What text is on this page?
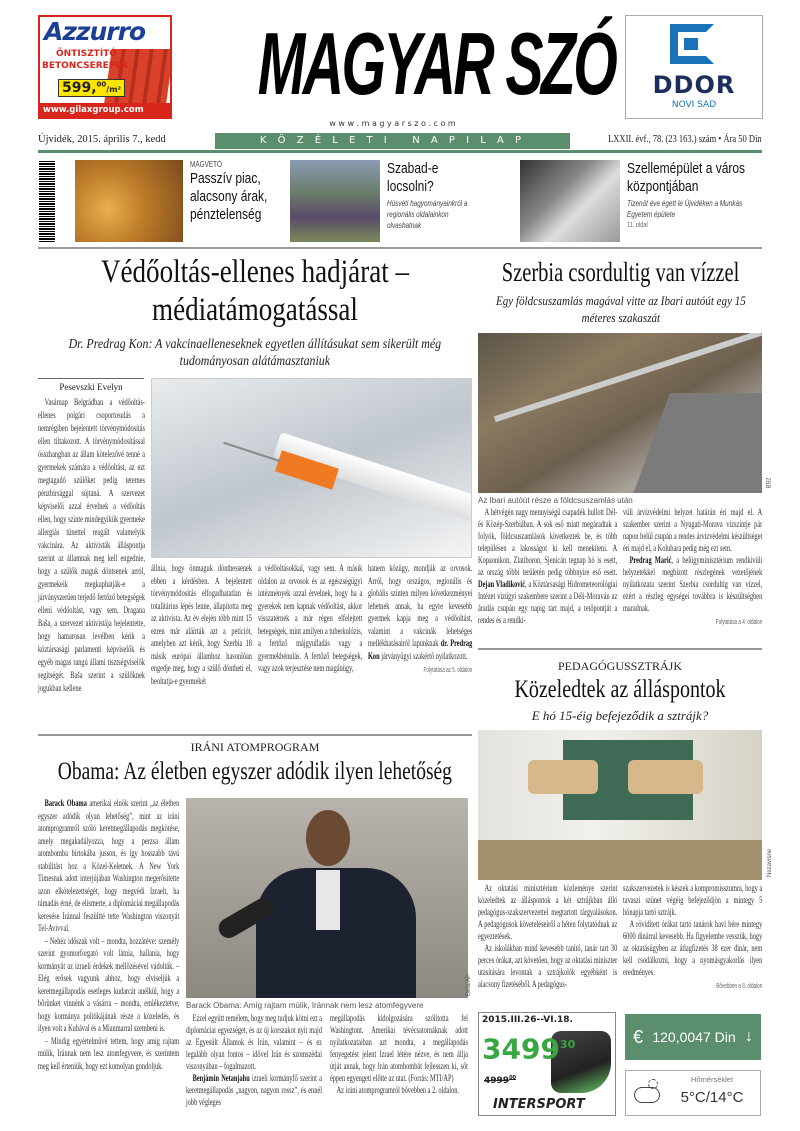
Azzurro
ÖNTISZTÍTÓ
BETONCSEREPEK
599,00/m²
www.gilaxgroup.com	MAGYAR SZÓ
w w w . m a g y a r s z o . c o m
DDOR
NOVI SAD
Újvidék, 2015. április 7., kedd	K Ö Z É L E T I   N A P I L A P	LXXII. évf., 78. (23 163.) szám • Ára 50 Din
MAGVETŐ
Passzív piac, alacsony árak, pénztelenség
Szabad-e locsolni?
Húsvéti hagyományainkról a regionális oldalainkon olvashatnak
Szellemépület a város központjában
Tizenöt éve égett le Újvidéken a Munkás Egyetem épülete
11. oldal
Védőoltás-ellenes hadjárat – médiatámogatással
Dr. Predrag Kon: A vakcinaelleneseknek egyetlen állításukat sem sikerült még tudományosan alátámasztaniuk
Pesevszki Evelyn

Vasárnap Belgrádban a védőoltás-ellenes polgári csoportosulás a nemrégiben bejelentett törvénymódosítás ellen tiltakozott. A törvénymódosítással összhangban az állam kötelezővé tenné a gyermekek számára a védőoltást, az ezt megtagadó szülőket pedig tetemes pénzbírsággal sújtaná. A szervezet képviselői azzal érvelnek a védőoltás ellen, hogy szinte mindegyikük gyermeke allergiás tünettel reagált valamelyik vakcinára. Az aktivisták álláspontja szerint az államnak meg kell engednie, hogy a szülők maguk döntsenek arról, gyermekeik megkaphatják-e a járványszerűen terjedő fertőző betegségek elleni védőoltást, vagy sem. Dragana Baša, a szervezet aktivistája bejelentette, hogy hamarosan levélben kérik a köztársasági parlamenti képviselők és egyéb magas rangú állami tisztségviselők segítségét. Baša szerint a szülőknek jogukban kellene

állnia, hogy önmaguk dönthessenek ebben a kérdésben. A bejelentett törvénymódosítás elfogadhatatlan és totalitárius lépés lenne, állapította meg az aktivista. Az év elején több mint 15 ezren már aláírták azt a petíciót, amelyben azt kérik, hogy Szerbia 18 másik európai államhoz hasonlóan engedje meg, hogy a szülő döntheti el, beoltatja-e gyermekét

a védőoltásokkal, vagy sem. A másik oldalon az orvosok és az egészségügyi intézmények azzal érvelnek, hogy ha a gyerekek nem kapnak védőoltást, akkor visszatérnek a már régen elfelejtett betegségek, mint amilyen a tuberkulózis, a fertőző májgyulladás vagy a gyermekbénulás. A fertőző betegségek, vagy azok terjesztése nem magánügy,

hanem közügy, mondják az orvosok. Arról, hogy országos, regionális és globális szinten milyen következményei lehetnek annak, ha egyre kevesebb gyermek kapja meg a védőoltást, valamint a vakcinák lehetséges mellékhatásairól lapunknak dr. Predrag Kon járványügyi szakértő nyilatkozott.

Folytatása az 5. oldalon
Szerbia csordultig van vízzel
Egy földcsuszamlás magával vitte az Ibari autóút egy 15 méteres szakaszát
Az Ibari autóút része a földcsuszamlás után
B92

A hétvégén nagy mennyiségű csapadék hullott Dél- és Közép-Szerbiában. A sok eső miatt megáradtak a folyók, földcsuszamlások következtek be, és több településen a lakosságot ki kell menekíteni. A Kopaonikon, Zlatiboron, Sjenicán tegnap hó is esett, az ország többi területén pedig többnyire eső esett. Dejan Vladiković, a Köztársasági Hidrometeorológiai Intézet vízügyi szakembere szerint a Déli-Moraván az áradás csupán egy napig tart majd, a tetőpontját a rendes és a rendki-

vüli árvízvédelmi helyzet határán éri majd el. A szakember szerint a Nyugati-Morava vízszintje pár napon belül csupán a rendes árvízvédelmi készültséget éri majd el, a Kolubara pedig még ezt sem.

Predrag Marić, a belügyminisztérium rendkívüli helyzetekkel megbízott részlegének vezetőjének nyilatkozata szerint Szerbia csordultig van vízzel, ezért a részleg egységei továbbra is készültségben maradnak.

Folytatása a 4. oldalon
IRÁNI ATOMPROGRAM
Obama: Az életben egyszer adódik ilyen lehetőség

Barack Obama amerikai elnök szerint „az életben egyszer adódik olyan lehetőség”, mint az iráni atomprogramról szóló keretmegállapodás megkötése, amely megakadályozza, hogy a perzsa állam atombomba birtokába jusson, és így hosszabb távú stabilitást hoz a Közel-Keletnek. A New York Timesnak adott interjújában Washington megerősítette azon elkötelezettségét, hogy megvédi Izraelt, ha támadás érné, de elismerte, a diplomáciai megállapodás keresése Iránnal feszültté tette Washington viszonyát Tel-Avivval.

– Nehéz időszak volt – mondta, hozzátéve: személy szerint gyomorforgató volt látnia, hallania, hogy kormányát az izraeli érdekek mellőzésével vádolták. – Elég erősek vagyunk ahhoz, hogy elviseljük a keretmegállapodás esetleges kudarcát anélkül, hogy a bőrünket vinnénk a vásárra – mondta, emlékeztetve, hogy kormánya politikájának része a közeledés, és ilyen volt a Kubával és a Mianmarral szembeni is.

– Mindig egyértelművé tettem, hogy amíg rajtam múlik, Iránnak nem lesz atomfegyvere, és szerintem meg kell érteniük, hogy ezt komolyan gondoljuk.

Barack Obama: Amíg rajtam múlik, Iránnak nem lesz atomfegyvere
Beta/AP

Ezzel együtt remélem, hogy meg tudjuk kötni ezt a diplomáciai egyezséget, és az új korszakot nyit majd az Egyesült Államok és Irán, valamint – és ez legalább olyan fontos – idővel Irán és szomszédai viszonyában – fogalmazott.

Benjámin Netanjahu izraeli kormányfő szerint a keretmegállapodás „nagyon, nagyon rossz”, és ennél jobb végleges

megállapodás kidolgozására szólította fel Washingtont. Amerikai tévécsatornáknak adott nyilatkozataiban azt mondta, a megállapodás fenyegetést jelent Izrael létére nézve, és nem állja útját annak, hogy Irán atombombát fejlesszen ki, sőt éppen egyengeti előtte az utat. (Forrás: MTI/AP)

Az iráni atomprogramról bővebben a 2. oldalon.

PEDAGÓGUSSZTRÁJK
Közeledtek az álláspontok
E hó 15-éig befejeződik a sztrájk?
Nezavisnе

Az oktatási minisztérium közleménye szerint közeledtek az álláspontok a két sztrájkban álló pedagógus-szakszervezettel megtartott tárgyalásokon. A pedagógusok követeléseiről a héten folytatódnak az egyeztetések.

Az iskolákban mind kevesebb tanító, tanár tart 30 perces órákat, azt követően, hogy az oktatási miniszter utasítására levontak a sztrájkolók egyébként is alacsony fizetéséből. A pedagógus-

szakszervezetek is készek a kompromisszumra, hogy a tavaszi szünet végéig befejeződjön a mintegy 5 hónapja tartó sztrájk.

A rövidített órákat tartó tanárok havi bére mintegy 6000 dinárral kevesebb. Ha figyelembe vesszük, hogy az oktatásügyben az átlagfizetés 38 ezer dinár, nem kell csodálkozni, hogy a nyomásgyakorlás ilyen eredményes.

Bővebben a 8. oldalon
2015.III.26--VI.18.
3499$^{30}$
4999$^{00}$
INTERSPORT
€ 120,0047 Din ↓
Hőmérséklet
5°C/14°C
